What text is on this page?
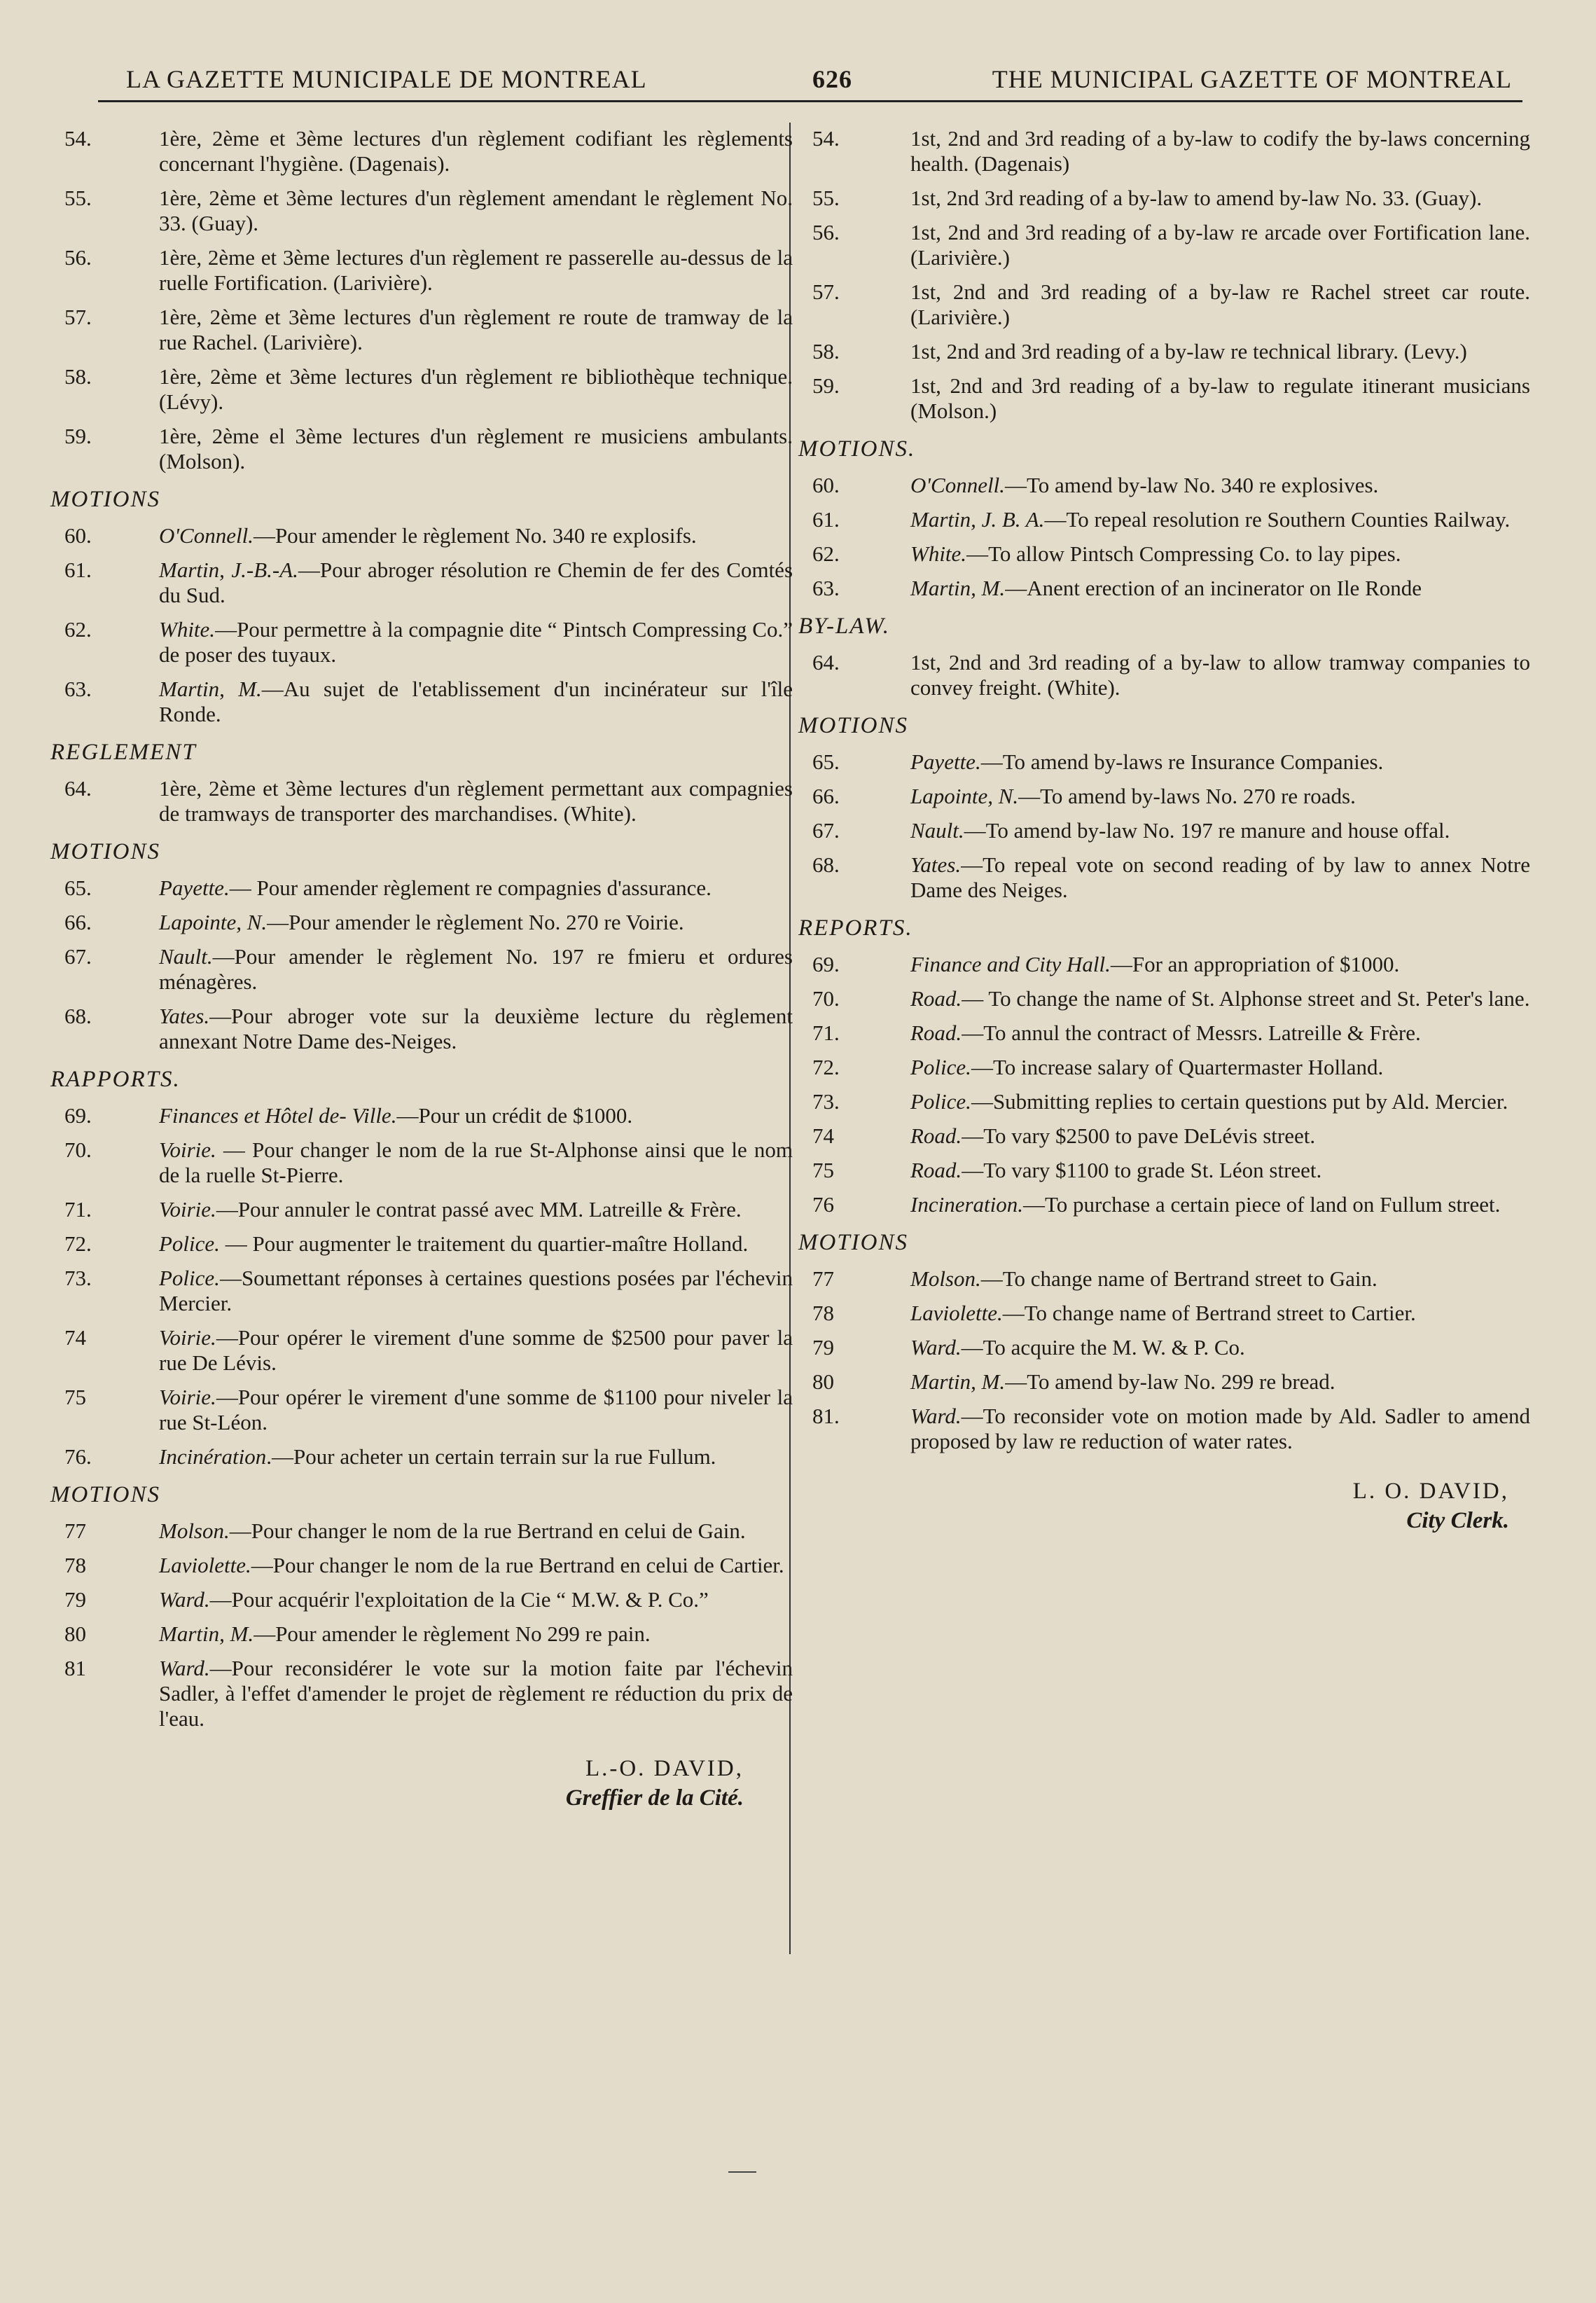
LA GAZETTE MUNICIPALE DE MONTREAL	626	THE MUNICIPAL GAZETTE OF MONTREAL
54.	1ère, 2ème et 3ème lectures d'un règlement codifiant les règlements concernant l'hygiène. (Dagenais).
55.	1ère, 2ème et 3ème lectures d'un règlement amendant le règlement No. 33. (Guay).
56.	1ère, 2ème et 3ème lectures d'un règlement re passerelle au-dessus de la ruelle Fortification. (Larivière).
57.	1ère, 2ème et 3ème lectures d'un règlement re route de tramway de la rue Rachel. (Larivière).
58.	1ère, 2ème et 3ème lectures d'un règlement re bibliothèque technique. (Lévy).
59.	1ère, 2ème el 3ème lectures d'un règlement re musiciens ambulants. (Molson).
MOTIONS
60.	O'Connell.—Pour amender le règlement No. 340 re explosifs.
61.	Martin, J.-B.-A.—Pour abroger résolution re Chemin de fer des Comtés du Sud.
62.	White.—Pour permettre à la compagnie dite “ Pintsch Compressing Co.” de poser des tuyaux.
63.	Martin, M.—Au sujet de l'etablissement d'un incinérateur sur l'île Ronde.
REGLEMENT
64.	1ère, 2ème et 3ème lectures d'un règlement permettant aux compagnies de tramways de transporter des marchandises. (White).
MOTIONS
65.	Payette.— Pour amender règlement re compagnies d'assurance.
66.	Lapointe, N.—Pour amender le règlement No. 270 re Voirie.
67.	Nault.—Pour amender le règlement No. 197 re fmieru et ordures ménagères.
68.	Yates.—Pour abroger vote sur la deuxième lecture du règlement annexant Notre Dame des-Neiges.
RAPPORTS.
69.	Finances et Hôtel de- Ville.—Pour un crédit de $1000.
70.	Voirie. — Pour changer le nom de la rue St-Alphonse ainsi que le nom de la ruelle St-Pierre.
71.	Voirie.—Pour annuler le contrat passé avec MM. Latreille & Frère.
72.	Police. — Pour augmenter le traitement du quartier-maître Holland.
73.	Police.—Soumettant réponses à certaines questions posées par l'échevin Mercier.
74	Voirie.—Pour opérer le virement d'une somme de $2500 pour paver la rue De Lévis.
75	Voirie.—Pour opérer le virement d'une somme de $1100 pour niveler la rue St-Léon.
76.	Incinération.—Pour acheter un certain terrain sur la rue Fullum.
MOTIONS
77	Molson.—Pour changer le nom de la rue Bertrand en celui de Gain.
78	Laviolette.—Pour changer le nom de la rue Bertrand en celui de Cartier.
79	Ward.—Pour acquérir l'exploitation de la Cie “ M.W. & P. Co.”
80	Martin, M.—Pour amender le règlement No 299 re pain.
81	Ward.—Pour reconsidérer le vote sur la motion faite par l'échevin Sadler, à l'effet d'amender le projet de règlement re réduction du prix de l'eau.
L.-O. DAVID,
Greffier de la Cité.
54.	1st, 2nd and 3rd reading of a by-law to codify the by-laws concerning health. (Dagenais)
55.	1st, 2nd 3rd reading of a by-law to amend by-law No. 33. (Guay).
56.	1st, 2nd and 3rd reading of a by-law re arcade over Fortification lane. (Larivière.)
57.	1st, 2nd and 3rd reading of a by-law re Rachel street car route. (Larivière.)
58.	1st, 2nd and 3rd reading of a by-law re technical library. (Levy.)
59.	1st, 2nd and 3rd reading of a by-law to regulate itinerant musicians (Molson.)
MOTIONS.
60.	O'Connell.—To amend by-law No. 340 re explosives.
61.	Martin, J. B. A.—To repeal resolution re Southern Counties Railway.
62.	White.—To allow Pintsch Compressing Co. to lay pipes.
63.	Martin, M.—Anent erection of an incinerator on Ile Ronde
BY-LAW.
64.	1st, 2nd and 3rd reading of a by-law to allow tramway companies to convey freight. (White).
MOTIONS
65.	Payette.—To amend by-laws re Insurance Companies.
66.	Lapointe, N.—To amend by-laws No. 270 re roads.
67.	Nault.—To amend by-law No. 197 re manure and house offal.
68.	Yates.—To repeal vote on second reading of by law to annex Notre Dame des Neiges.
REPORTS.
69.	Finance and City Hall.—For an appropriation of $1000.
70.	Road.— To change the name of St. Alphonse street and St. Peter's lane.
71.	Road.—To annul the contract of Messrs. Latreille & Frère.
72.	Police.—To increase salary of Quartermaster Holland.
73.	Police.—Submitting replies to certain questions put by Ald. Mercier.
74	Road.—To vary $2500 to pave DeLévis street.
75	Road.—To vary $1100 to grade St. Léon street.
76	Incineration.—To purchase a certain piece of land on Fullum street.
MOTIONS
77	Molson.—To change name of Bertrand street to Gain.
78	Laviolette.—To change name of Bertrand street to Cartier.
79	Ward.—To acquire the M. W. & P. Co.
80	Martin, M.—To amend by-law No. 299 re bread.
81.	Ward.—To reconsider vote on motion made by Ald. Sadler to amend proposed by law re reduction of water rates.
L. O. DAVID,
City Clerk.
